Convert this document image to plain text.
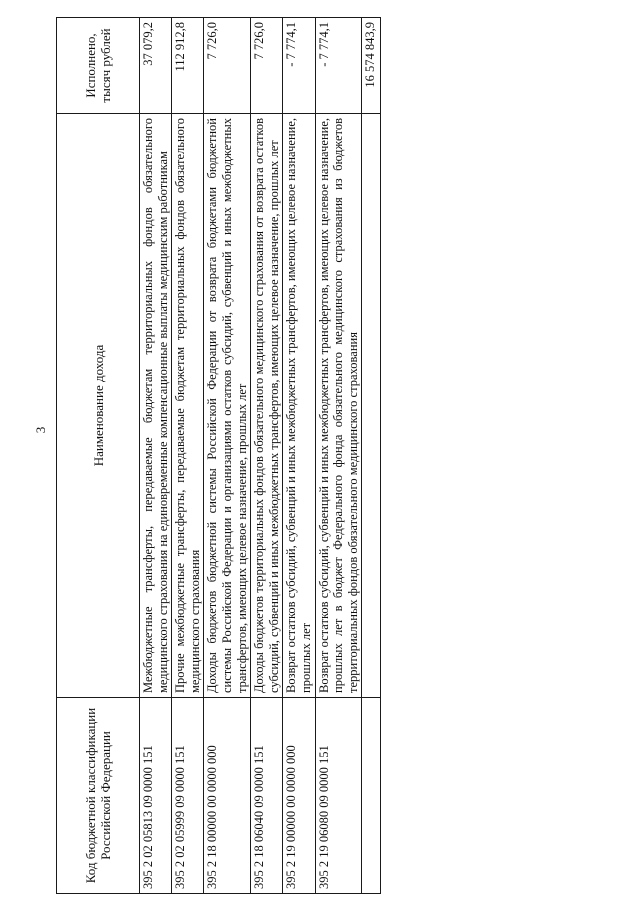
3
Код бюджетной классификации Российской Федерации	Наименование дохода	Исполнено, тысяч рублей
395 2 02 05813 09 0000 151	Межбюджетные трансферты, передаваемые бюджетам территориальных фондов обязательного медицинского страхования на единовременные компенсационные выплаты медицинским работникам	37 079,2
395 2 02 05999 09 0000 151	Прочие межбюджетные трансферты, передаваемые бюджетам территориальных фондов обязательного медицинского страхования	112 912,8
395 2 18 00000 00 0000 000	Доходы бюджетов бюджетной системы Российской Федерации от возврата бюджетами бюджетной системы Российской Федерации и организациями остатков субсидий, субвенций и иных межбюджетных трансфертов, имеющих целевое назначение, прошлых лет	7 726,0
395 2 18 06040 09 0000 151	Доходы бюджетов территориальных фондов обязательного медицинского страхования от возврата остатков субсидий, субвенций и иных межбюджетных трансфертов, имеющих целевое назначение, прошлых лет	7 726,0
395 2 19 00000 00 0000 000	Возврат остатков субсидий, субвенций и иных межбюджетных трансфертов, имеющих целевое назначение, прошлых лет	- 7 774,1
395 2 19 06080 09 0000 151	Возврат остатков субсидий, субвенций и иных межбюджетных трансфертов, имеющих целевое назначение, прошлых лет в бюджет Федерального фонда обязательного медицинского страхования из бюджетов территориальных фондов обязательного медицинского страхования	- 7 774,1
		16 574 843,9
